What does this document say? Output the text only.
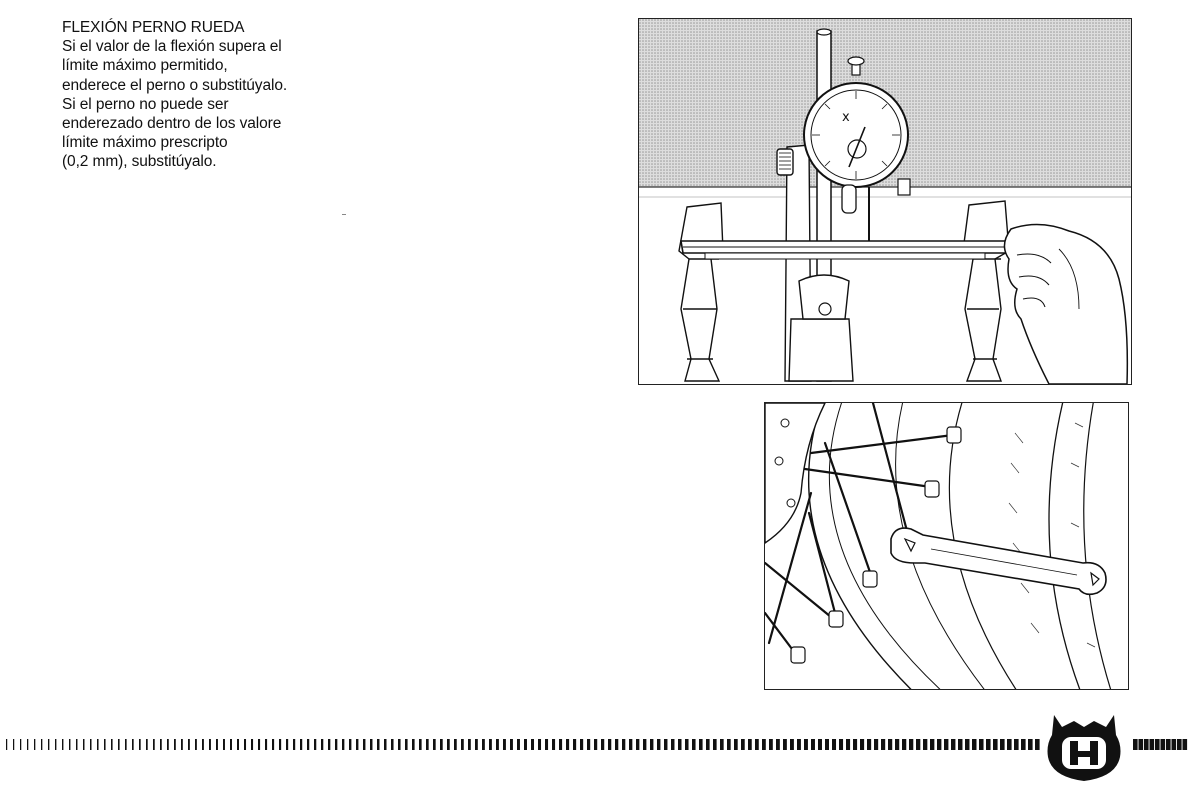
FLEXIÓN PERNO RUEDA
Si el valor de la flexión supera el
límite máximo permitido,
enderece el perno o substitúyalo.
Si el perno no puede ser
enderezado dentro de los valore
límite máximo prescripto
(0,2 mm), substitúyalo.
x
